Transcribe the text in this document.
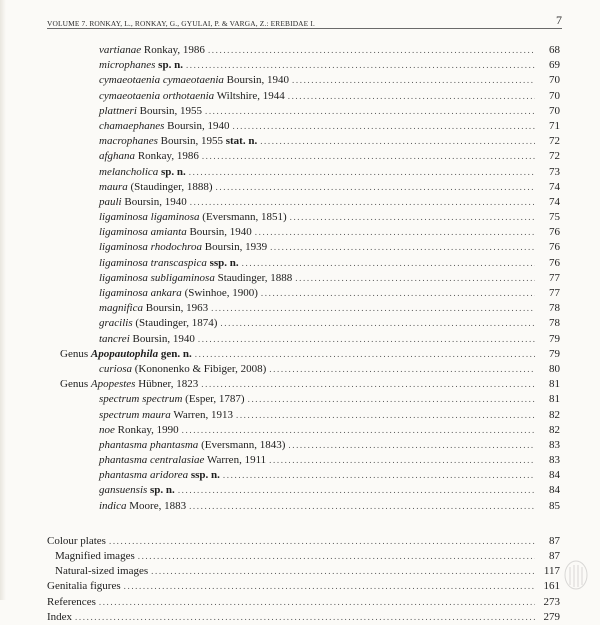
VOLUME 7. RONKAY, L., RONKAY, G., GYULAI, P. & VARGA, Z.: EREBIDAE I.	7
vartianae Ronkay, 1986 .....	68
microphanes sp. n. .....	69
cymaeotaenia cymaeotaenia Boursin, 1940 .....	70
cymaeotaenia orthotaenia Wiltshire, 1944 .....	70
plattneri Boursin, 1955 .....	70
chamaephanes Boursin, 1940 .....	71
macrophanes Boursin, 1955 stat. n. .....	72
afghana Ronkay, 1986 .....	72
melancholica sp. n. .....	73
maura (Staudinger, 1888) .....	74
pauli Boursin, 1940 .....	74
ligaminosa ligaminosa (Eversmann, 1851) .....	75
ligaminosa amianta Boursin, 1940 .....	76
ligaminosa rhodochroa Boursin, 1939 .....	76
ligaminosa transcaspica ssp. n. .....	76
ligaminosa subligaminosa Staudinger, 1888 .....	77
ligaminosa ankara (Swinhoe, 1900) .....	77
magnifica Boursin, 1963 .....	78
gracilis (Staudinger, 1874) .....	78
tancrei Boursin, 1940 .....	79
Genus Apopautophila gen. n. .....	79
curiosa (Kononenko & Fibiger, 2008) .....	80
Genus Apopestes Hübner, 1823 .....	81
spectrum spectrum (Esper, 1787) .....	81
spectrum maura Warren, 1913 .....	82
noe Ronkay, 1990 .....	82
phantasma phantasma (Eversmann, 1843) .....	83
phantasma centralasiae Warren, 1911 .....	83
phantasma aridorea ssp. n. .....	84
gansuensis sp. n. .....	84
indica Moore, 1883 .....	85
Colour plates .....	87
Magnified images .....	87
Natural-sized images .....	117
Genitalia figures .....	161
References .....	273
Index .....	279
